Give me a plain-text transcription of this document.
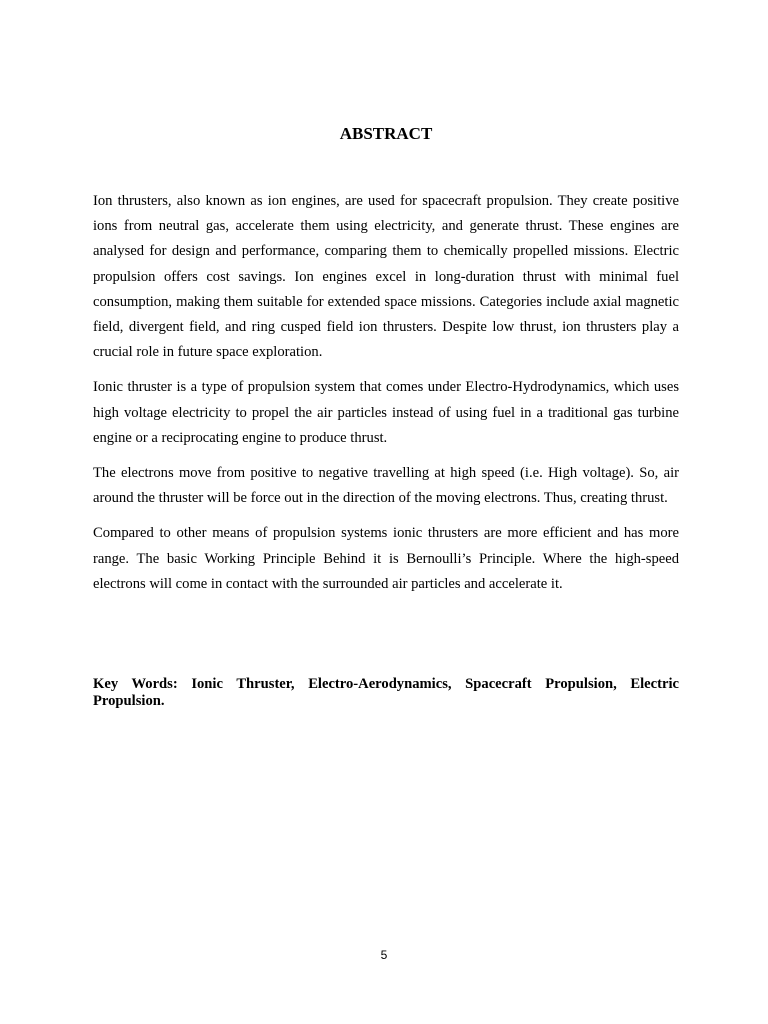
ABSTRACT

Ion thrusters, also known as ion engines, are used for spacecraft propulsion. They create positive ions from neutral gas, accelerate them using electricity, and generate thrust. These engines are analysed for design and performance, comparing them to chemically propelled missions. Electric propulsion offers cost savings. Ion engines excel in long-duration thrust with minimal fuel consumption, making them suitable for extended space missions. Categories include axial magnetic field, divergent field, and ring cusped field ion thrusters. Despite low thrust, ion thrusters play a crucial role in future space exploration.

Ionic thruster is a type of propulsion system that comes under Electro-Hydrodynamics, which uses high voltage electricity to propel the air particles instead of using fuel in a traditional gas turbine engine or a reciprocating engine to produce thrust.

The electrons move from positive to negative travelling at high speed (i.e. High voltage). So, air around the thruster will be force out in the direction of the moving electrons. Thus, creating thrust.

Compared to other means of propulsion systems ionic thrusters are more efficient and has more range. The basic Working Principle Behind it is Bernoulli’s Principle. Where the high-speed electrons will come in contact with the surrounded air particles and accelerate it.

Key Words: Ionic Thruster, Electro-Aerodynamics, Spacecraft Propulsion, Electric Propulsion.

5
